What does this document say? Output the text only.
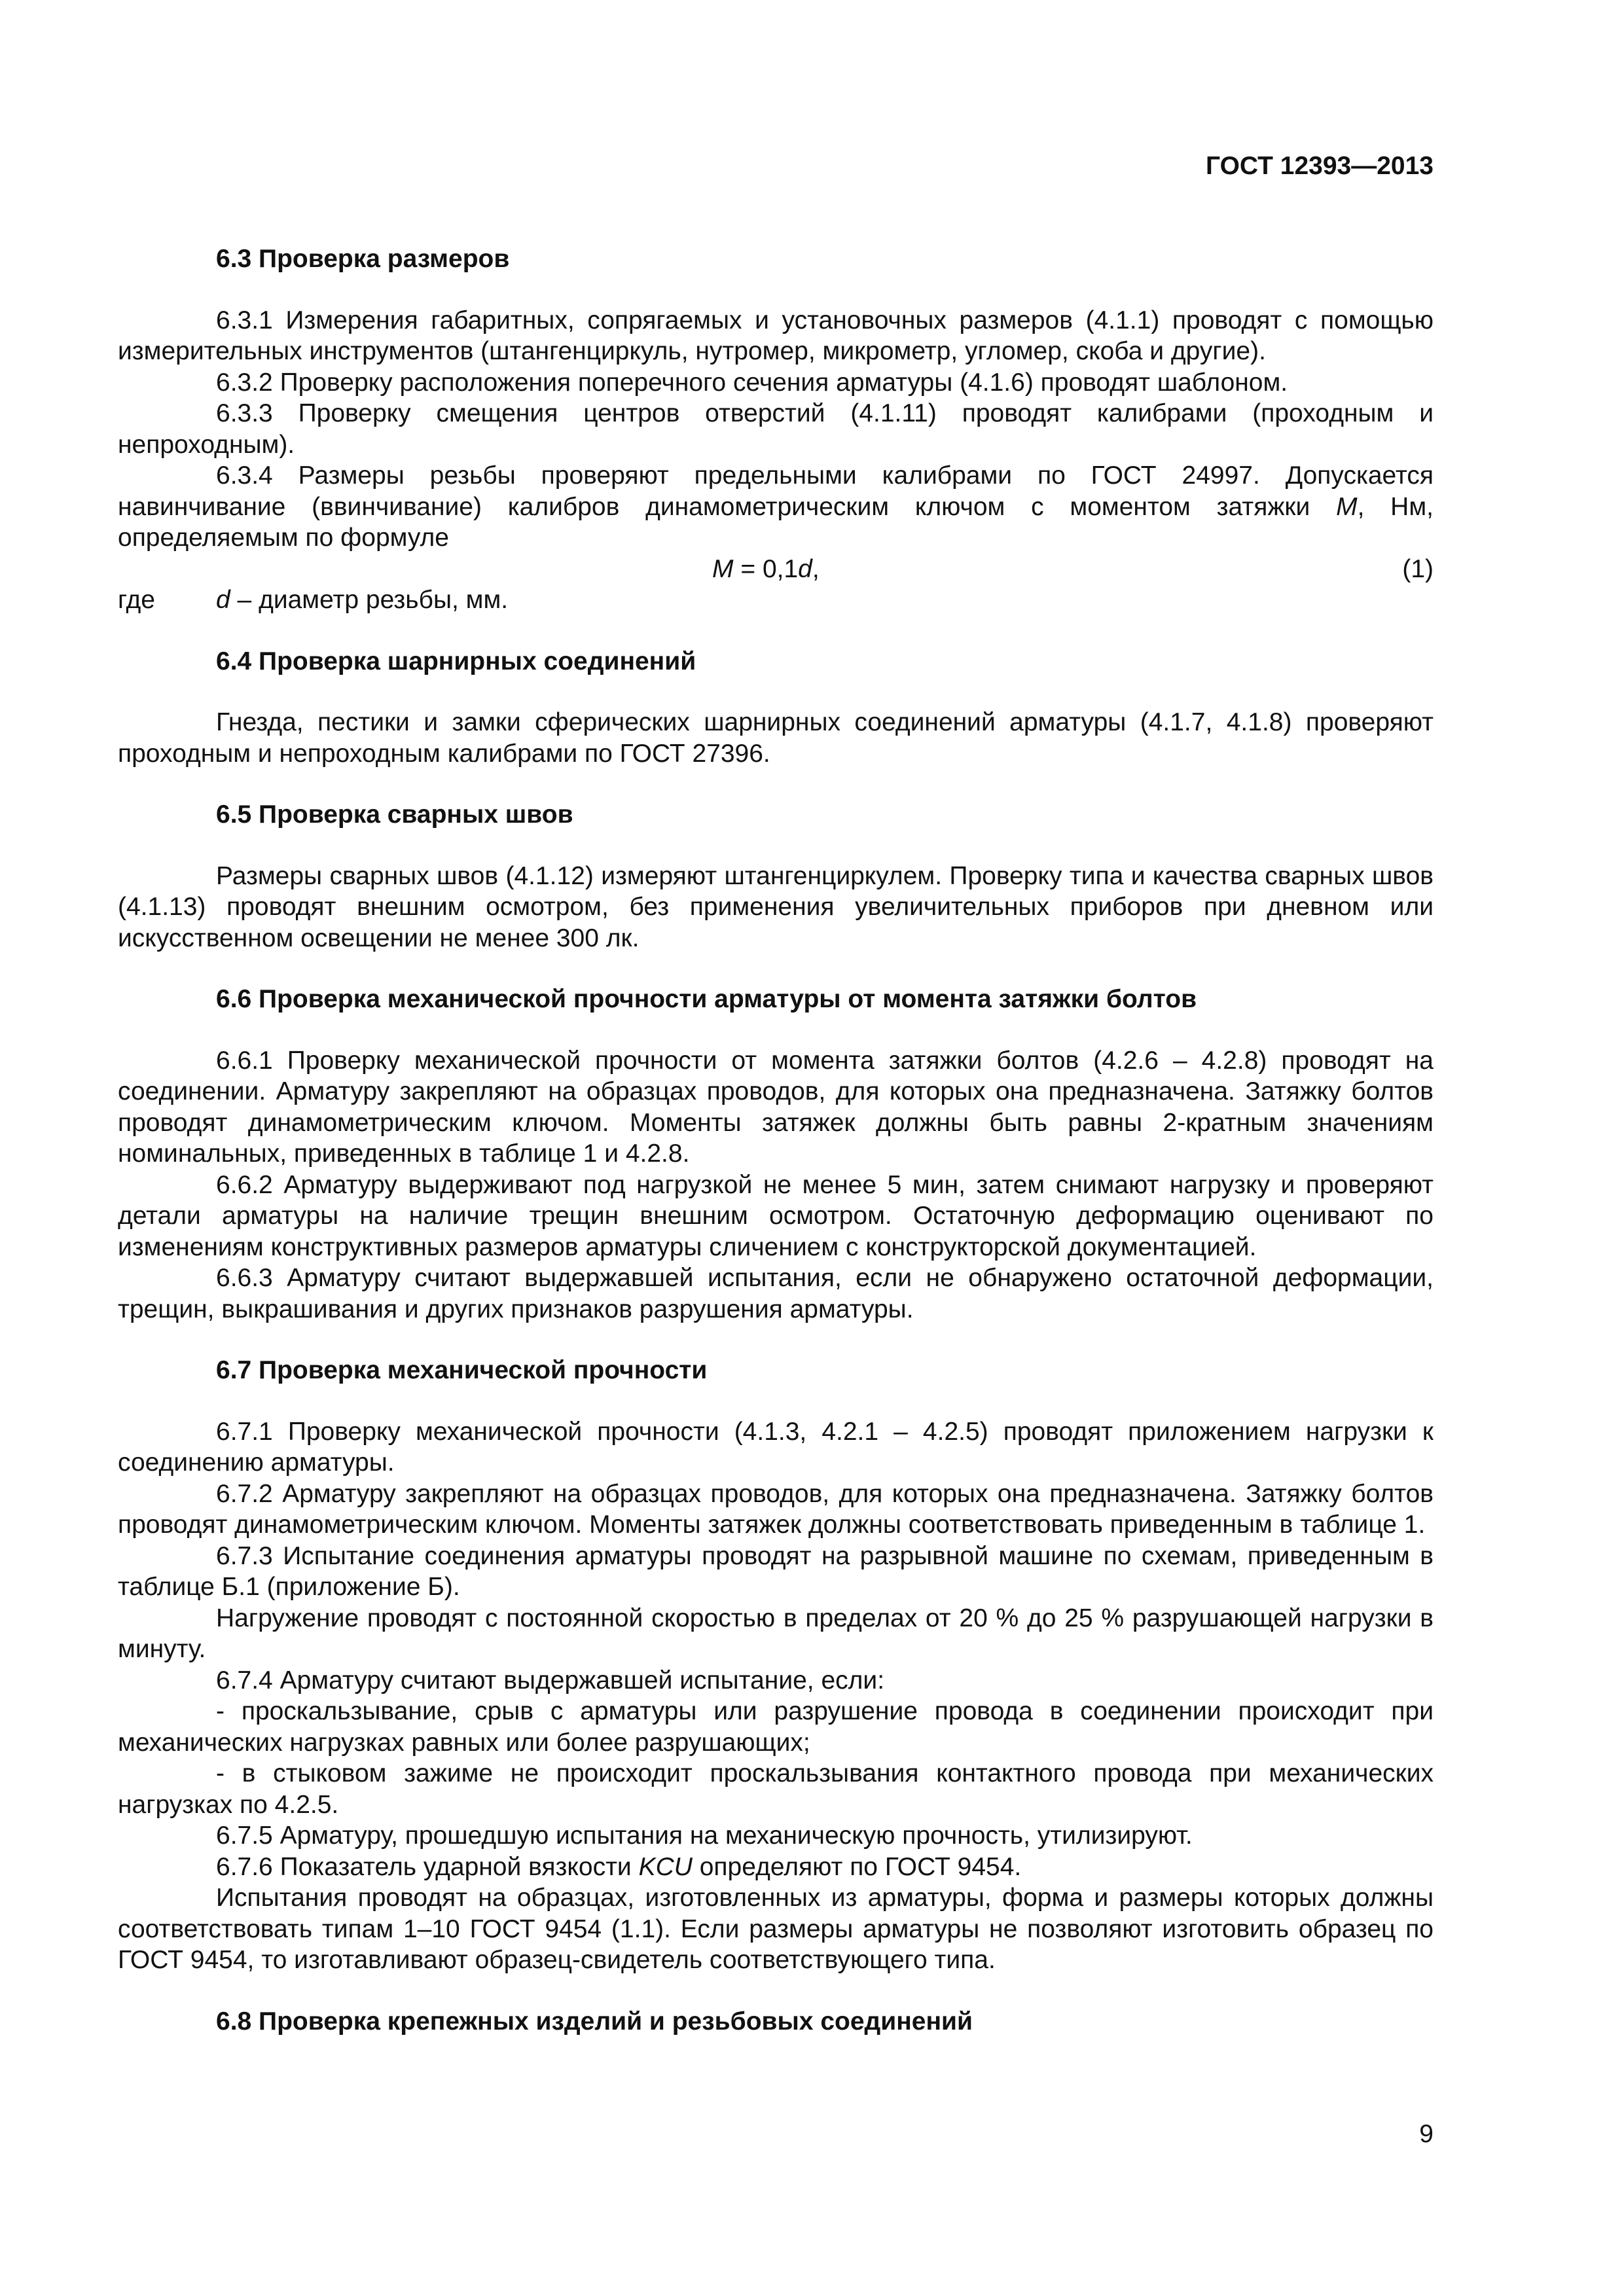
ГОСТ 12393—2013

6.3 Проверка размеров

6.3.1 Измерения габаритных, сопрягаемых и установочных размеров (4.1.1) проводят с помощью измерительных инструментов (штангенциркуль, нутромер, микрометр, угломер, скоба и другие).

6.3.2 Проверку расположения поперечного сечения арматуры (4.1.6) проводят шаблоном.

6.3.3 Проверку смещения центров отверстий (4.1.11) проводят калибрами (проходным и непроходным).

6.3.4 Размеры резьбы проверяют предельными калибрами по ГОСТ 24997. Допускается навинчивание (ввинчивание) калибров динамометрическим ключом с моментом затяжки M, Нм, определяемым по формуле

M = 0,1d,	(1)
где d – диаметр резьбы, мм.

6.4 Проверка шарнирных соединений

Гнезда, пестики и замки сферических шарнирных соединений арматуры (4.1.7, 4.1.8) проверяют проходным и непроходным калибрами по ГОСТ 27396.

6.5 Проверка сварных швов

Размеры сварных швов (4.1.12) измеряют штангенциркулем. Проверку типа и качества сварных швов (4.1.13) проводят внешним осмотром, без применения увеличительных приборов при дневном или искусственном освещении не менее 300 лк.

6.6 Проверка механической прочности арматуры от момента затяжки болтов

6.6.1 Проверку механической прочности от момента затяжки болтов (4.2.6 – 4.2.8) проводят на соединении. Арматуру закрепляют на образцах проводов, для которых она предназначена. Затяжку болтов проводят динамометрическим ключом. Моменты затяжек должны быть равны 2-кратным значениям номинальных, приведенных в таблице 1 и 4.2.8.

6.6.2 Арматуру выдерживают под нагрузкой не менее 5 мин, затем снимают нагрузку и проверяют детали арматуры на наличие трещин внешним осмотром. Остаточную деформацию оценивают по изменениям конструктивных размеров арматуры сличением с конструкторской документацией.

6.6.3 Арматуру считают выдержавшей испытания, если не обнаружено остаточной деформации, трещин, выкрашивания и других признаков разрушения арматуры.

6.7 Проверка механической прочности

6.7.1 Проверку механической прочности (4.1.3, 4.2.1 – 4.2.5) проводят приложением нагрузки к соединению арматуры.

6.7.2 Арматуру закрепляют на образцах проводов, для которых она предназначена. Затяжку болтов проводят динамометрическим ключом. Моменты затяжек должны соответствовать приведенным в таблице 1.

6.7.3 Испытание соединения арматуры проводят на разрывной машине по схемам, приведенным в таблице Б.1 (приложение Б).

Нагружение проводят с постоянной скоростью в пределах от 20 % до 25 % разрушающей нагрузки в минуту.

6.7.4 Арматуру считают выдержавшей испытание, если:

- проскальзывание, срыв с арматуры или разрушение провода в соединении происходит при механических нагрузках равных или более разрушающих;

- в стыковом зажиме не происходит проскальзывания контактного провода при механических нагрузках по 4.2.5.

6.7.5 Арматуру, прошедшую испытания на механическую прочность, утилизируют.

6.7.6 Показатель ударной вязкости KCU определяют по ГОСТ 9454.

Испытания проводят на образцах, изготовленных из арматуры, форма и размеры которых должны соответствовать типам 1–10 ГОСТ 9454 (1.1). Если размеры арматуры не позволяют изготовить образец по ГОСТ 9454, то изготавливают образец-свидетель соответствующего типа.

6.8 Проверка крепежных изделий и резьбовых соединений

9
